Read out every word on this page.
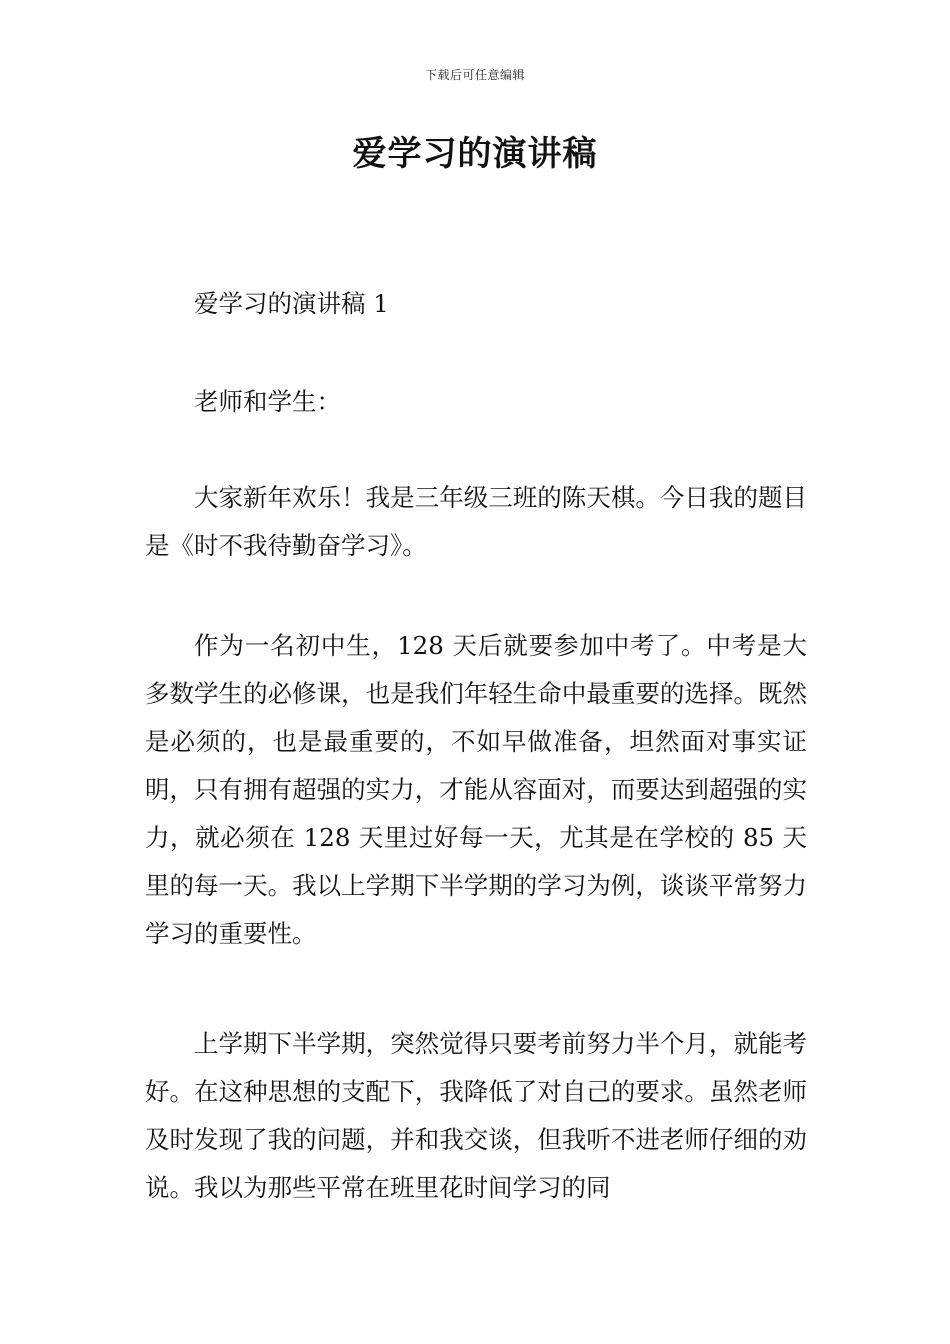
下载后可任意编辑
爱学习的演讲稿

爱学习的演讲稿 1

老师和学生：

大家新年欢乐！我是三年级三班的陈天棋。今日我的题目是《时不我待勤奋学习》。

作为一名初中生，128 天后就要参加中考了。中考是大多数学生的必修课，也是我们年轻生命中最重要的选择。既然是必须的，也是最重要的，不如早做准备，坦然面对事实证明，只有拥有超强的实力，才能从容面对，而要达到超强的实力，就必须在 128 天里过好每一天，尤其是在学校的 85 天里的每一天。我以上学期下半学期的学习为例，谈谈平常努力学习的重要性。

上学期下半学期，突然觉得只要考前努力半个月，就能考好。在这种思想的支配下，我降低了对自己的要求。虽然老师及时发现了我的问题，并和我交谈，但我听不进老师仔细的劝说。我以为那些平常在班里花时间学习的同
